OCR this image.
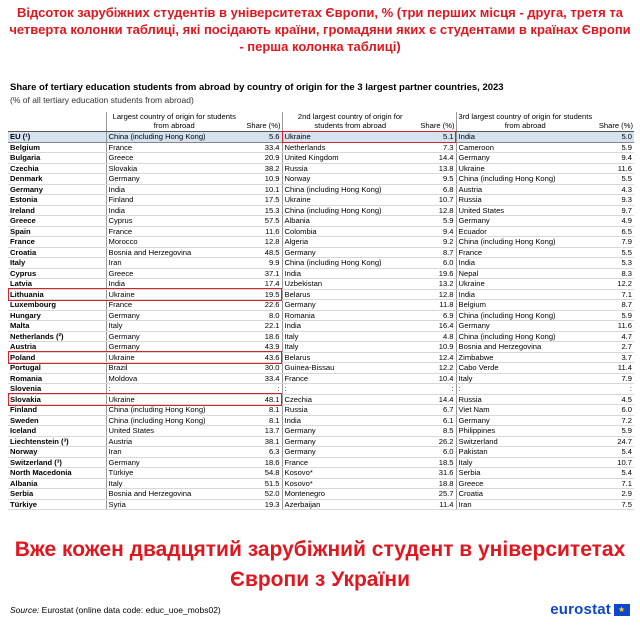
Відсоток зарубіжних студентів в університетах Європи, % (три перших місця - друга, третя та четверта колонки таблиці, які посідають країни, громадяни яких є студентами в країнах Європи - перша колонка таблиці)
Share of tertiary education students from abroad by country of origin for the 3 largest partner countries, 2023
(% of all tertiary education students from abroad)
	Largest country of origin for students from abroad	Share (%)	2nd largest country of origin for students from abroad	Share (%)	3rd largest country of origin for students from abroad	Share (%)
EU (¹)	China (including Hong Kong)	5.6	Ukraine	5.1	India	5.0
Belgium	France	33.4	Netherlands	7.3	Cameroon	5.9
Bulgaria	Greece	20.9	United Kingdom	14.4	Germany	9.4
Czechia	Slovakia	38.2	Russia	13.8	Ukraine	11.6
Denmark	Germany	10.9	Norway	9.5	China (including Hong Kong)	5.5
Germany	India	10.1	China (including Hong Kong)	6.8	Austria	4.3
Estonia	Finland	17.5	Ukraine	10.7	Russia	9.3
Ireland	India	15.3	China (including Hong Kong)	12.8	United States	9.7
Greece	Cyprus	57.5	Albania	5.9	Germany	4.9
Spain	France	11.6	Colombia	9.4	Ecuador	6.5
France	Morocco	12.8	Algeria	9.2	China (including Hong Kong)	7.9
Croatia	Bosnia and Herzegovina	48.5	Germany	8.7	France	5.5
Italy	Iran	9.9	China (including Hong Kong)	6.0	India	5.3
Cyprus	Greece	37.1	India	19.6	Nepal	8.3
Latvia	India	17.4	Uzbekistan	13.2	Ukraine	12.2
Lithuania	Ukraine	19.5	Belarus	12.8	India	7.1
Luxembourg	France	22.6	Germany	11.8	Belgium	8.7
Hungary	Germany	8.0	Romania	6.9	China (including Hong Kong)	5.9
Malta	Italy	22.1	India	16.4	Germany	11.6
Netherlands (²)	Germany	18.6	Italy	4.8	China (including Hong Kong)	4.7
Austria	Germany	43.9	Italy	10.9	Bosnia and Herzegovina	2.7
Poland	Ukraine	43.6	Belarus	12.4	Zimbabwe	3.7
Portugal	Brazil	30.0	Guinea-Bissau	12.2	Cabo Verde	11.4
Romania	Moldova	33.4	France	10.4	Italy	7.9
Slovenia	:	:	:	:	:	:
Slovakia	Ukraine	48.1	Czechia	14.4	Russia	4.5
Finland	China (including Hong Kong)	8.1	Russia	6.7	Viet Nam	6.0
Sweden	China (including Hong Kong)	8.1	India	6.1	Germany	7.2
Iceland	United States	13.7	Germany	8.5	Philippines	5.9
Liechtenstein (³)	Austria	38.1	Germany	26.2	Switzerland	24.7
Norway	Iran	6.3	Germany	6.0	Pakistan	5.4
Switzerland (³)	Germany	18.6	France	18.5	Italy	10.7
North Macedonia	Türkiye	54.8	Kosovo*	31.6	Serbia	5.4
Albania	Italy	51.5	Kosovo*	18.8	Greece	7.1
Serbia	Bosnia and Herzegovina	52.0	Montenegro	25.7	Croatia	2.9
Türkiye	Syria	19.3	Azerbaijan	11.4	Iran	7.5
Вже кожен двадцятий зарубіжний студент в університетах Європи з України
Source: Eurostat (online data code: educ_uoe_mobs02)	eurostat
★
